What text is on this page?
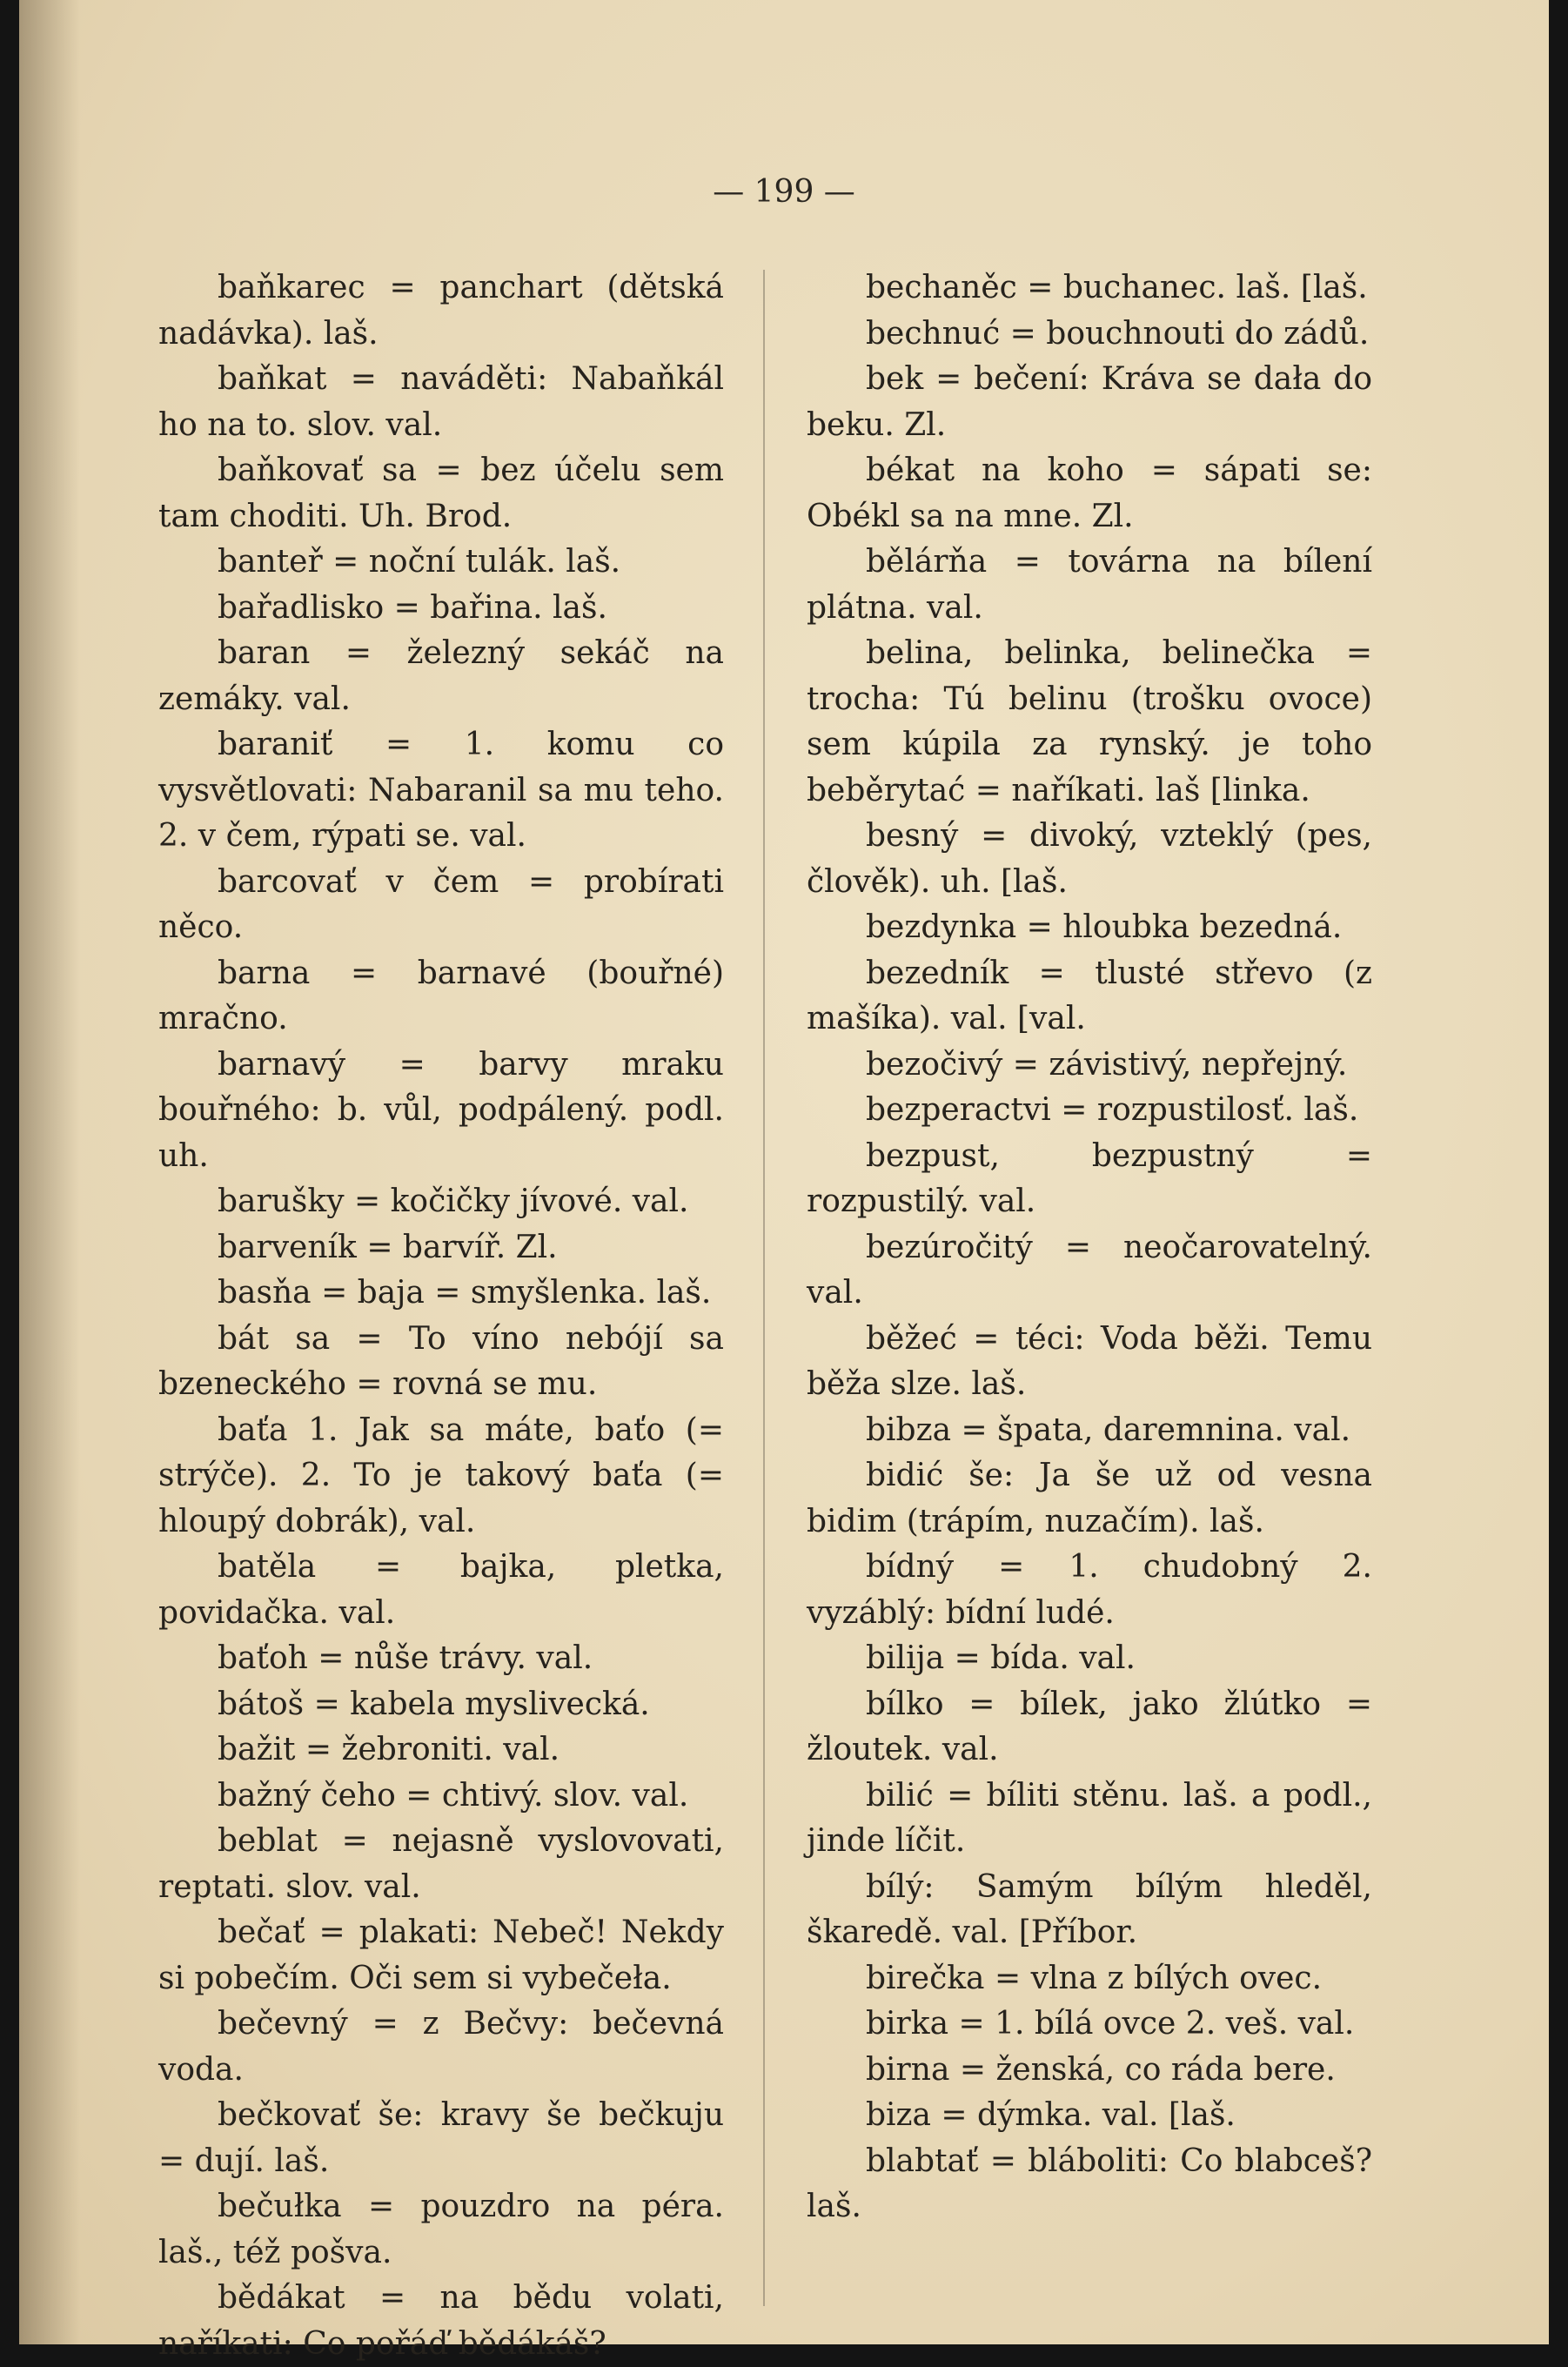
— 199 —

baňkarec = panchart (dětská nadávka). laš.

baňkat = naváděti: Nabaňkál ho na to. slov. val.

baňkovať sa = bez účelu sem tam choditi. Uh. Brod.

banteř = noční tulák. laš.

bařadlisko = bařina. laš.

baran = železný sekáč na zemáky. val.

baraniť = 1. komu co vysvětlovati: Nabaranil sa mu teho. 2. v čem, rýpati se. val.

barcovať v čem = probírati něco.

barna = barnavé (bouřné) mračno.

barnavý = barvy mraku bouřného: b. vůl, podpálený. podl. uh.

barušky = kočičky jívové. val.

barveník = barvíř. Zl.

basňa = baja = smyšlenka. laš.

bát sa = To víno nebójí sa bzeneckého = rovná se mu.

baťa 1. Jak sa máte, baťo (= strýče). 2. To je takový baťa (= hloupý dobrák), val.

batěla = bajka, pletka, povidačka. val.

baťoh = nůše trávy. val.

bátoš = kabela myslivecká.

bažit = žebroniti. val.

bažný čeho = chtivý. slov. val.

beblat = nejasně vyslovovati, reptati. slov. val.

bečať = plakati: Nebeč! Nekdy si pobečím. Oči sem si vybečeła.

bečevný = z Bečvy: bečevná voda.

bečkovať še: kravy še bečkuju = dují. laš.

bečułka = pouzdro na péra. laš., též pošva.

bědákat = na bědu volati, naříkati: Co pořáď bědákáš?

bechaněc = buchanec. laš. [laš.

bechnuć = bouchnouti do zádů.

bek = bečení: Kráva se dała do beku. Zl.

békat na koho = sápati se: Obékl sa na mne. Zl.

bělárňa = továrna na bílení plátna. val.

belina, belinka, belinečka = trocha: Tú belinu (trošku ovoce) sem kúpila za rynský. je toho beběrytać = naříkati. laš [linka.

besný = divoký, vzteklý (pes, člověk). uh. [laš.

bezdynka = hloubka bezedná.

bezedník = tlusté střevo (z mašíka). val. [val.

bezočivý = závistivý, nepřejný.

bezperactvi = rozpustilosť. laš.

bezpust, bezpustný = rozpustilý. val.

bezúročitý = neočarovatelný. val.

běžeć = téci: Voda běži. Temu běža slze. laš.

bibza = špata, daremnina. val.

bidić še: Ja še už od vesna bidim (trápím, nuzačím). laš.

bídný = 1. chudobný 2. vyzáblý: bídní ludé.

bilija = bída. val.

bílko = bílek, jako žlútko = žloutek. val.

bilić = bíliti stěnu. laš. a podl., jinde líčit.

bílý: Samým bílým hleděl, škaredě. val. [Příbor.

birečka = vlna z bílých ovec.

birka = 1. bílá ovce 2. veš. val.

birna = ženská, co ráda bere.

biza = dýmka. val. [laš.

blabtať = bláboliti: Co blabceš? laš.
